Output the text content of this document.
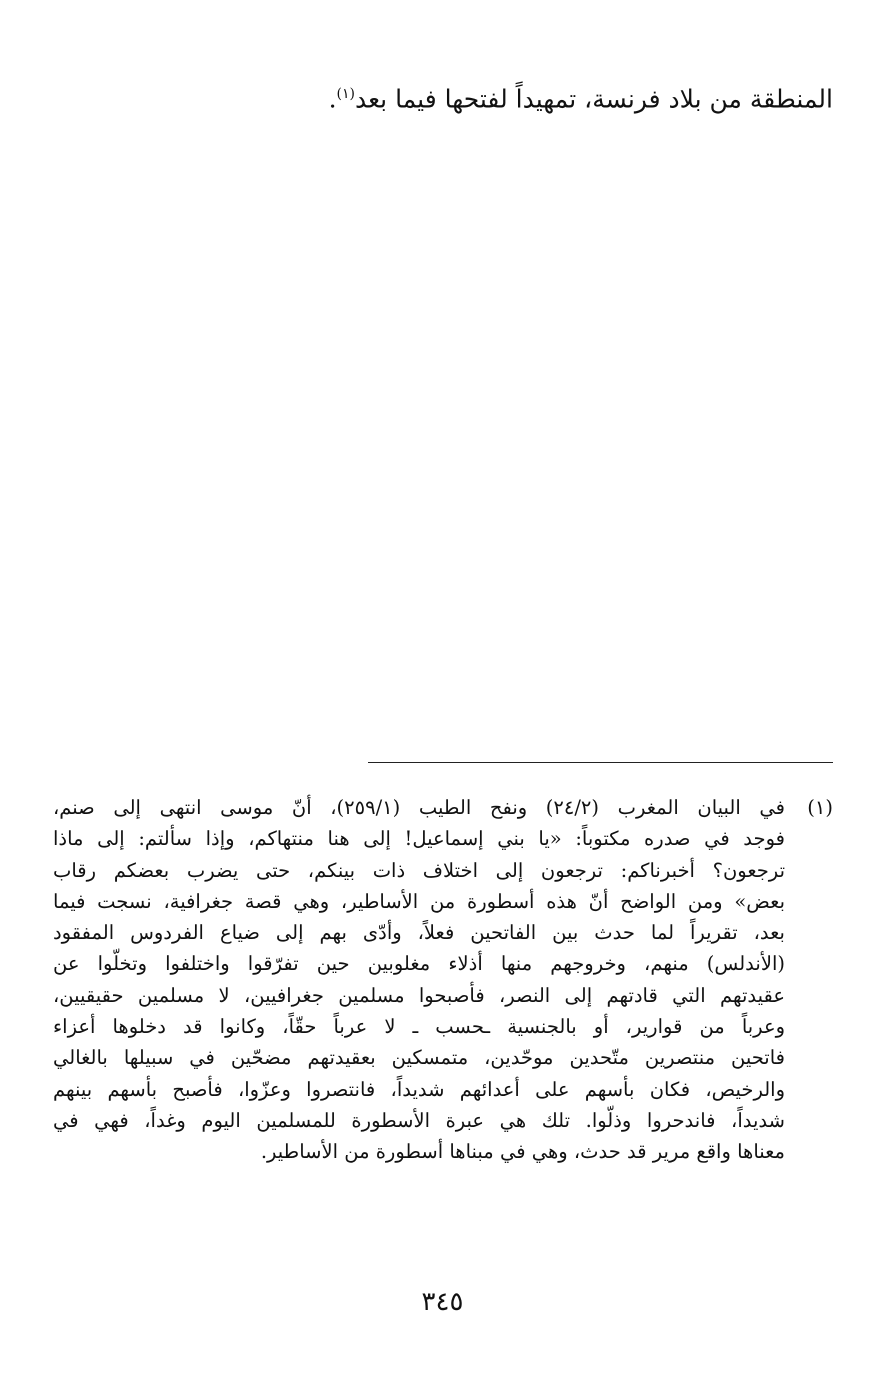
المنطقة من بلاد فرنسة، تمهيداً لفتحها فيما بعد$^{(١)}$.

(١)
في البيان المغرب (٢٤/٢) ونفح الطيب (٢٥٩/١)، أنّ موسى انتهى إلى صنم،
فوجد في صدره مكتوباً: «يا بني إسماعيل! إلى هنا منتهاكم، وإذا سألتم: إلى ماذا
ترجعون؟ أخبرناكم: ترجعون إلى اختلاف ذات بينكم، حتى يضرب بعضكم رقاب
بعض» ومن الواضح أنّ هذه أسطورة من الأساطير، وهي قصة جغرافية، نسجت فيما
بعد، تقريراً لما حدث بين الفاتحين فعلاً، وأدّى بهم إلى ضياع الفردوس المفقود
(الأندلس) منهم، وخروجهم منها أذلاء مغلوبين حين تفرّقوا واختلفوا وتخلّوا عن
عقيدتهم التي قادتهم إلى النصر، فأصبحوا مسلمين جغرافيين، لا مسلمين حقيقيين،
وعرباً من قوارير، أو بالجنسية ـحسب ـ لا عرباً حقّاً، وكانوا قد دخلوها أعزاء
فاتحين منتصرين متّحدين موحّدين، متمسكين بعقيدتهم مضحّين في سبيلها بالغالي
والرخيص، فكان بأسهم على أعدائهم شديداً، فانتصروا وعزّوا، فأصبح بأسهم بينهم
شديداً، فاندحروا وذلّوا. تلك هي عبرة الأسطورة للمسلمين اليوم وغداً، فهي في
معناها واقع مرير قد حدث، وهي في مبناها أسطورة من الأساطير.
٣٤٥
